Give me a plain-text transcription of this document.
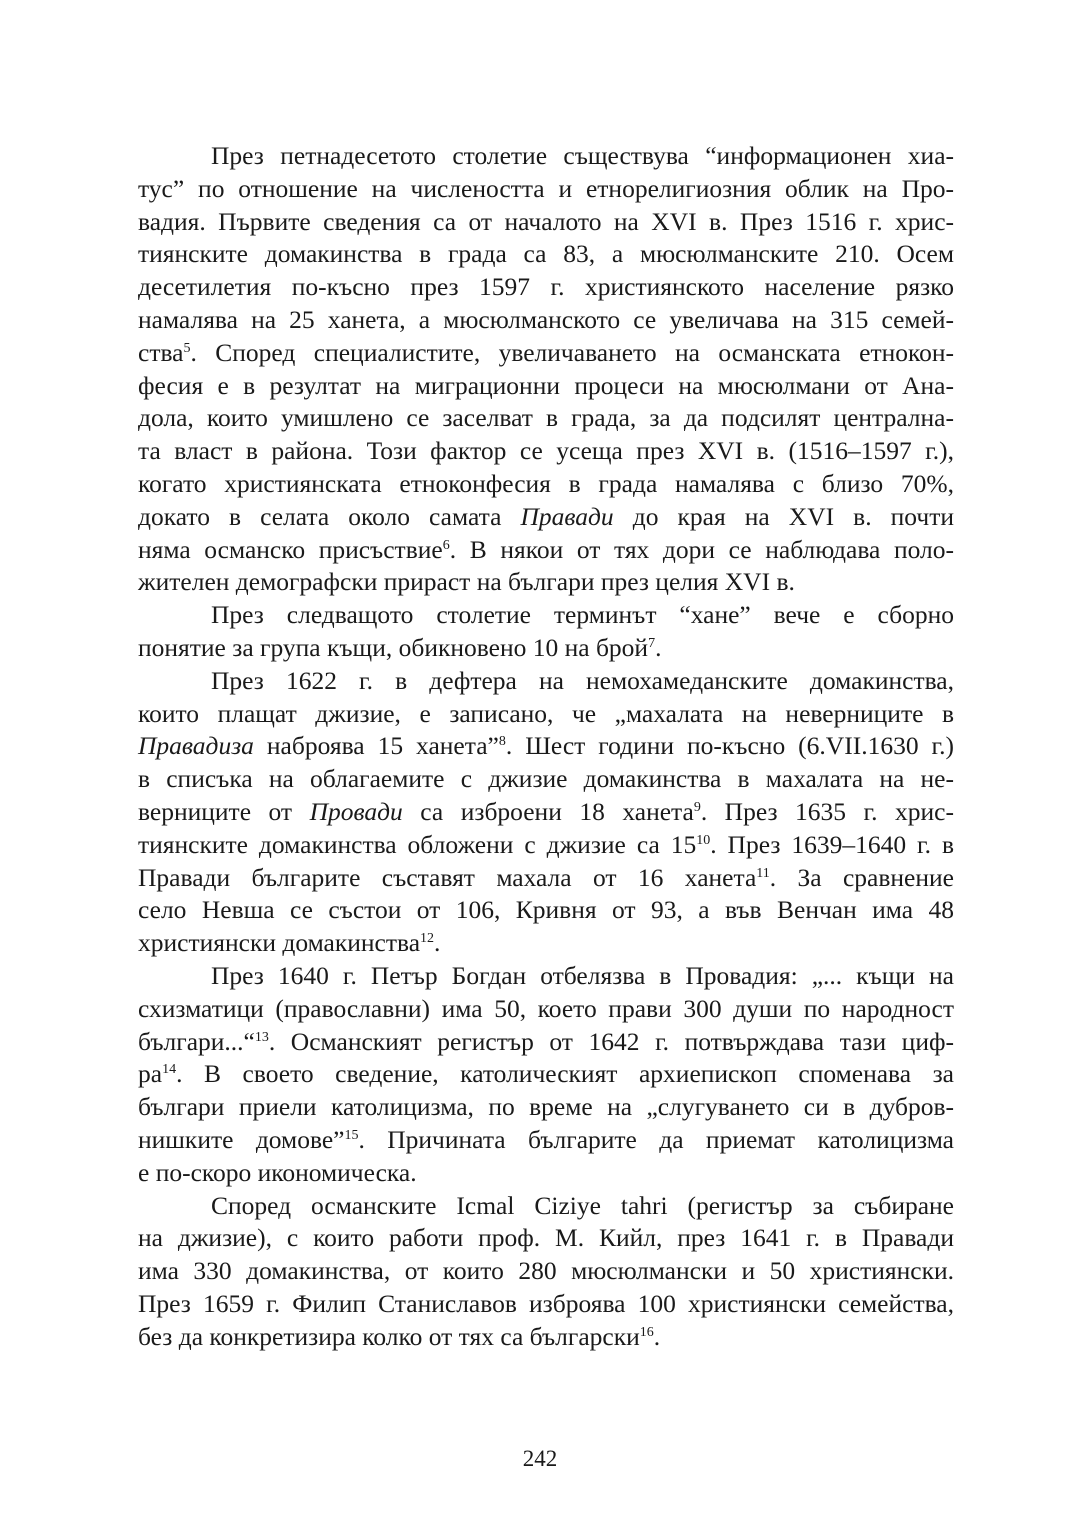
През петнадесетото столетие съществува “информационен хиа-
тус” по отношение на числеността и етнорелигиозния облик на Про-
вадия. Първите сведения са от началото на XVI в. През 1516 г. хрис-
тиянските домакинства в града са 83, а мюсюлманските 210. Осем
десетилетия по-късно през 1597 г. християнското население рязко
намалява на 25 ханета, а мюсюлманското се увеличава на 315 семей-
ства$^5$. Според специалистите, увеличаването на османската етнокон-
фесия е в резултат на миграционни процеси на мюсюлмани от Ана-
дола, които умишлено се заселват в града, за да подсилят централна-
та власт в района. Този фактор се усеща през XVI в. (1516–1597 г.),
когато християнската етноконфесия в града намалява с близо 70%,
докато в селата около самата Правади до края на XVI в. почти
няма османско присъствие$^6$. В някои от тях дори се наблюдава поло-
жителен демографски прираст на българи през целия XVI в.
През следващото столетие терминът “хане” вече е сборно
понятие за група къщи, обикновено 10 на брой$^7$.
През 1622 г. в дефтера на немохамеданските домакинства,
които плащат джизие, е записано, че „махалата на неверниците в
Правадиза наброява 15 ханета”$^8$. Шест години по-късно (6.VII.1630 г.)
в списъка на облагаемите с джизие домакинства в махалата на не-
верниците от Провади са изброени 18 ханета$^9$. През 1635 г. хрис-
тиянските домакинства обложени с джизие са $15^{10}$. През 1639–1640 г. в
Правади българите съставят махала от 16 ханета$^{11}$. За сравнение
село Невша се състои от 106, Кривня от 93, а във Венчан има 48
християнски домакинства$^{12}$.
През 1640 г. Петър Богдан отбелязва в Провадия: „... къщи на
схизматици (православни) има 50, което прави 300 души по народност
българи...“$^{13}$. Османският регистър от 1642 г. потвърждава тази циф-
$ра^{14}$. В своето сведение, католическият архиепископ споменава за
българи приели католицизма, по време на „слугуването си в дубров-
нишките домове”$^{15}$. Причината българите да приемат католицизма
е по-скоро икономическа.
Според османските Icmal Ciziye tahri (регистър за събиране
на джизие), с които работи проф. М. Кийл, през 1641 г. в Правади
има 330 домакинства, от които 280 мюсюлмански и 50 християнски.
През 1659 г. Филип Станиславов изброява 100 християнски семейства,
без да конкретизира колко от тях са български$^{16}$.
242
